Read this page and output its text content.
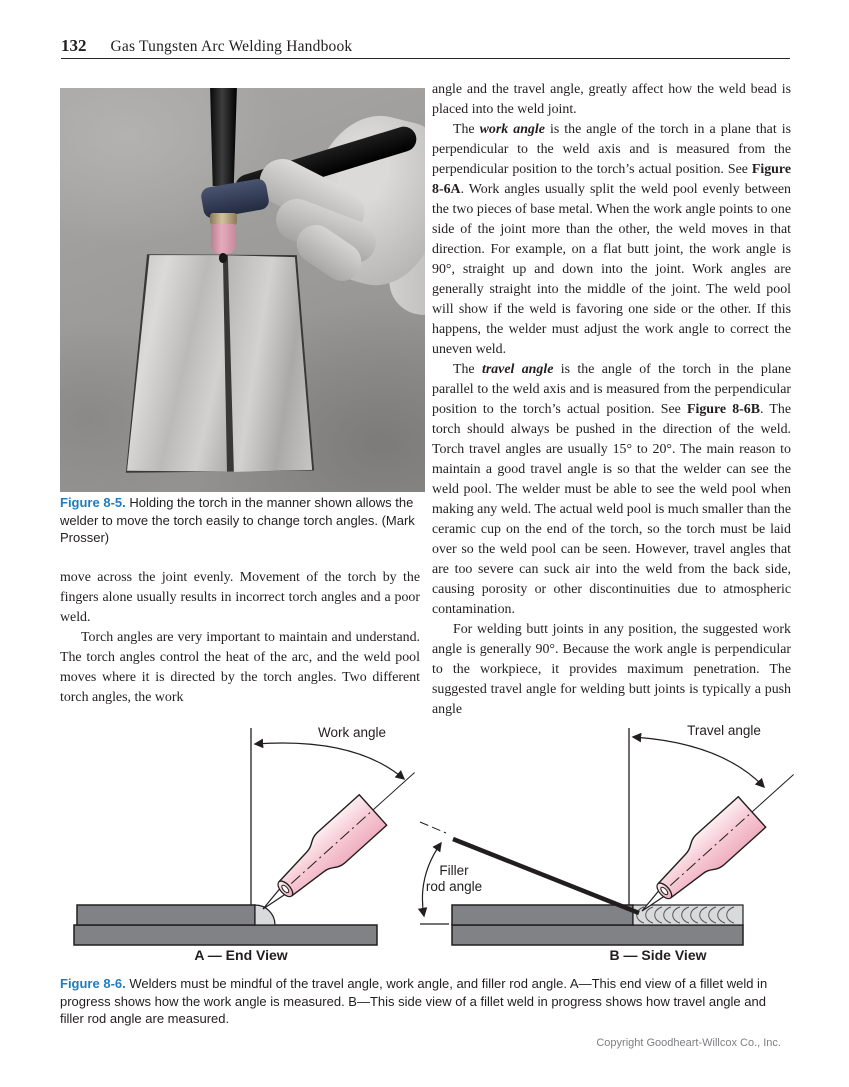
132 Gas Tungsten Arc Welding Handbook

Figure 8-5. Holding the torch in the manner shown allows the welder to move the torch easily to change torch angles. (Mark Prosser)

move across the joint evenly. Movement of the torch by the fingers alone usually results in incorrect torch angles and a poor weld.

Torch angles are very important to maintain and understand. The torch angles control the heat of the arc, and the weld pool moves where it is directed by the torch angles. Two different torch angles, the work

angle and the travel angle, greatly affect how the weld bead is placed into the weld joint.

The work angle is the angle of the torch in a plane that is perpendicular to the weld axis and is measured from the perpendicular position to the torch’s actual position. See Figure 8-6A. Work angles usually split the weld pool evenly between the two pieces of base metal. When the work angle points to one side of the joint more than the other, the weld moves in that direction. For example, on a flat butt joint, the work angle is 90°, straight up and down into the joint. Work angles are generally straight into the middle of the joint. The weld pool will show if the weld is favoring one side or the other. If this happens, the welder must adjust the work angle to correct the uneven weld.

The travel angle is the angle of the torch in the plane parallel to the weld axis and is measured from the perpendicular position to the torch’s actual position. See Figure 8-6B. The torch should always be pushed in the direction of the weld. Torch travel angles are usually 15° to 20°. The main reason to maintain a good travel angle is so that the welder can see the weld pool. The welder must be able to see the weld pool when making any weld. The actual weld pool is much smaller than the ceramic cup on the end of the torch, so the torch must be laid over so the weld pool can be seen. However, travel angles that are too severe can suck air into the weld from the back side, causing porosity or other discontinuities due to atmospheric contamination.

For welding butt joints in any position, the suggested work angle is generally 90°. Because the work angle is perpendicular to the workpiece, it provides maximum penetration. The suggested travel angle for welding butt joints is typically a push angle

Work angle
A — End View
Travel angle
Filler
rod angle
B — Side View

Figure 8-6. Welders must be mindful of the travel angle, work angle, and filler rod angle. A—This end view of a fillet weld in progress shows how the work angle is measured. B—This side view of a fillet weld in progress shows how travel angle and filler rod angle are measured.

Copyright Goodheart-Willcox Co., Inc.
